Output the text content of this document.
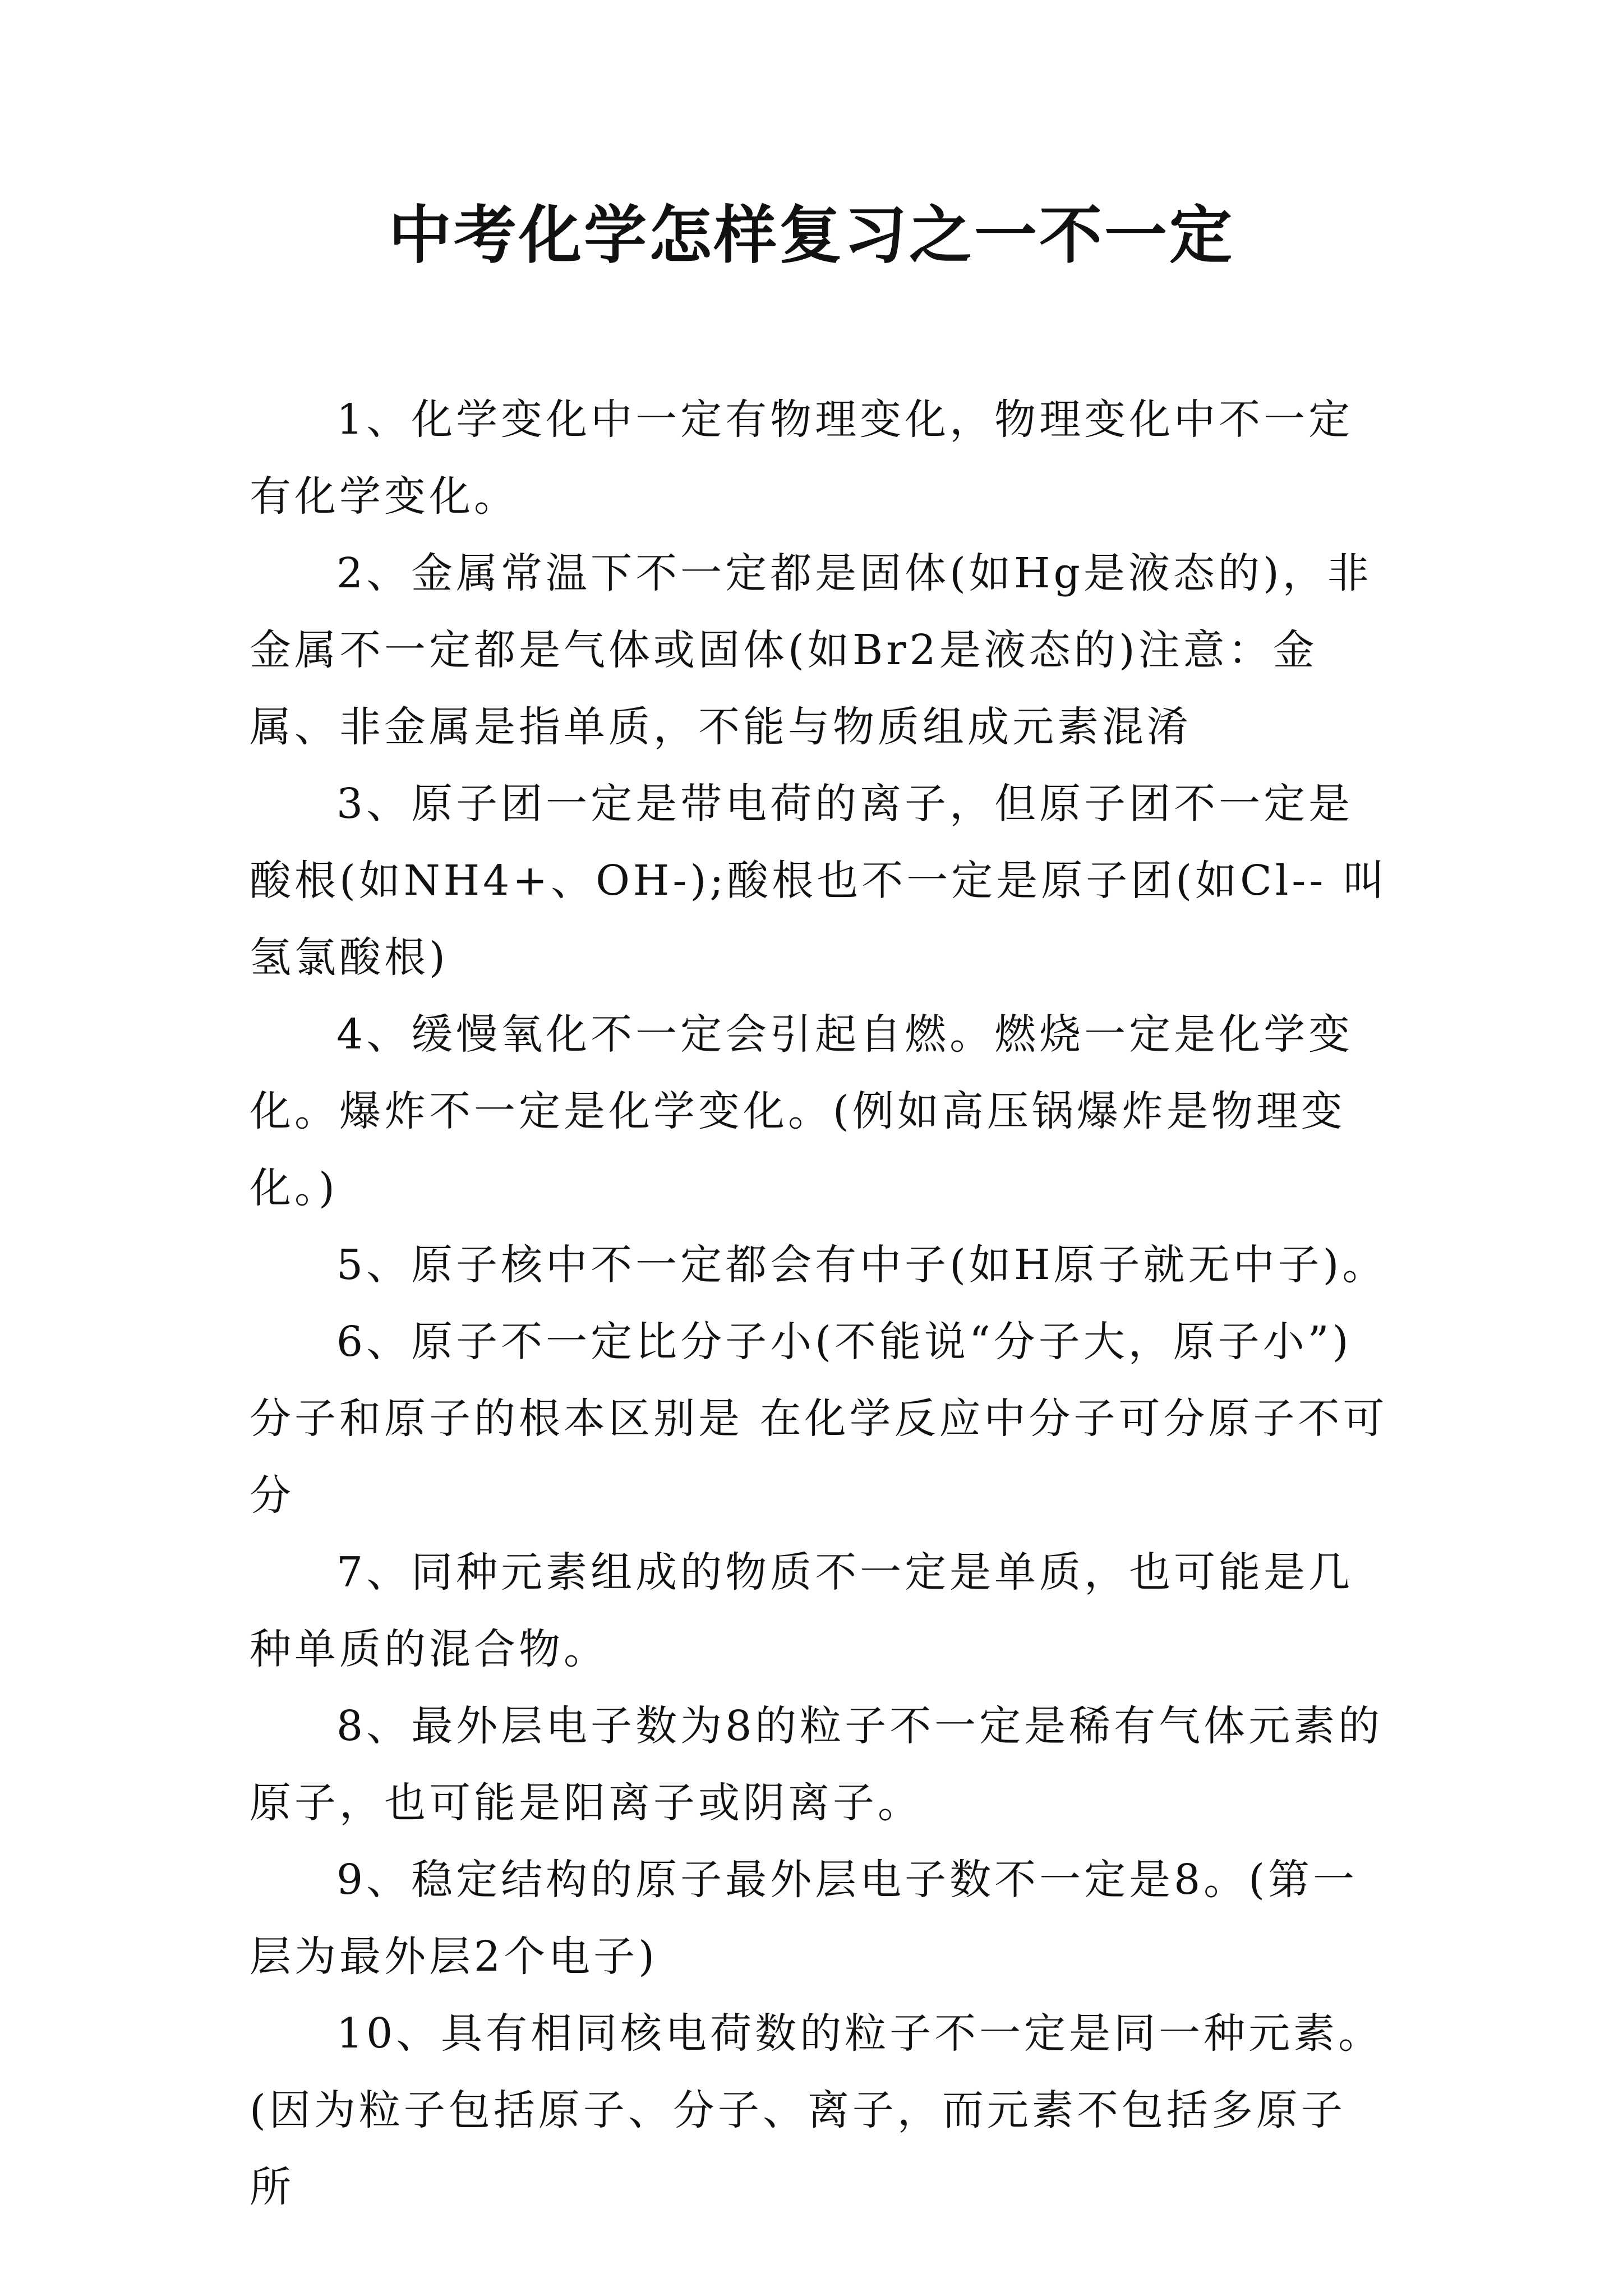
中考化学怎样复习之一不一定

1、化学变化中一定有物理变化，物理变化中不一定有化学变化。

2、金属常温下不一定都是固体(如Hg是液态的)，非金属不一定都是气体或固体(如Br2是液态的)注意：金属、非金属是指单质，不能与物质组成元素混淆

3、原子团一定是带电荷的离子，但原子团不一定是酸根(如NH4+、OH-);酸根也不一定是原子团(如Cl-- 叫氢氯酸根)

4、缓慢氧化不一定会引起自燃。燃烧一定是化学变化。爆炸不一定是化学变化。(例如高压锅爆炸是物理变化。)

5、原子核中不一定都会有中子(如H原子就无中子)。

6、原子不一定比分子小(不能说“分子大，原子小”)分子和原子的根本区别是 在化学反应中分子可分原子不可分

7、同种元素组成的物质不一定是单质，也可能是几种单质的混合物。

8、最外层电子数为8的粒子不一定是稀有气体元素的原子，也可能是阳离子或阴离子。

9、稳定结构的原子最外层电子数不一定是8。(第一层为最外层2个电子)

10、具有相同核电荷数的粒子不一定是同一种元素。(因为粒子包括原子、分子、离子，而元素不包括多原子所
